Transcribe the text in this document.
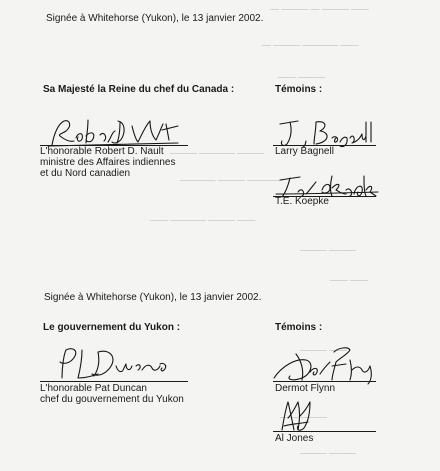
— ——— — ——— ——
— ——— ———— ——
—— ———
——— ———— ———
———— ——— ————
—— ———— ——— ——
——— ———
—— ——
——— ——
—— ———
——— ———
Signée à Whitehorse (Yukon), le 13 janvier 2002.
Sa Majesté la Reine du chef du Canada :	Témoins :
L'honorable Robert D. Nault
ministre des Affaires indiennes
et du Nord canadien
Larry Bagnell
T.E. Koepke
Signée à Whitehorse (Yukon), le 13 janvier 2002.
Le gouvernement du Yukon :	Témoins :
L'honorable Pat Duncan
chef du gouvernement du Yukon
Dermot Flynn
Al Jones
